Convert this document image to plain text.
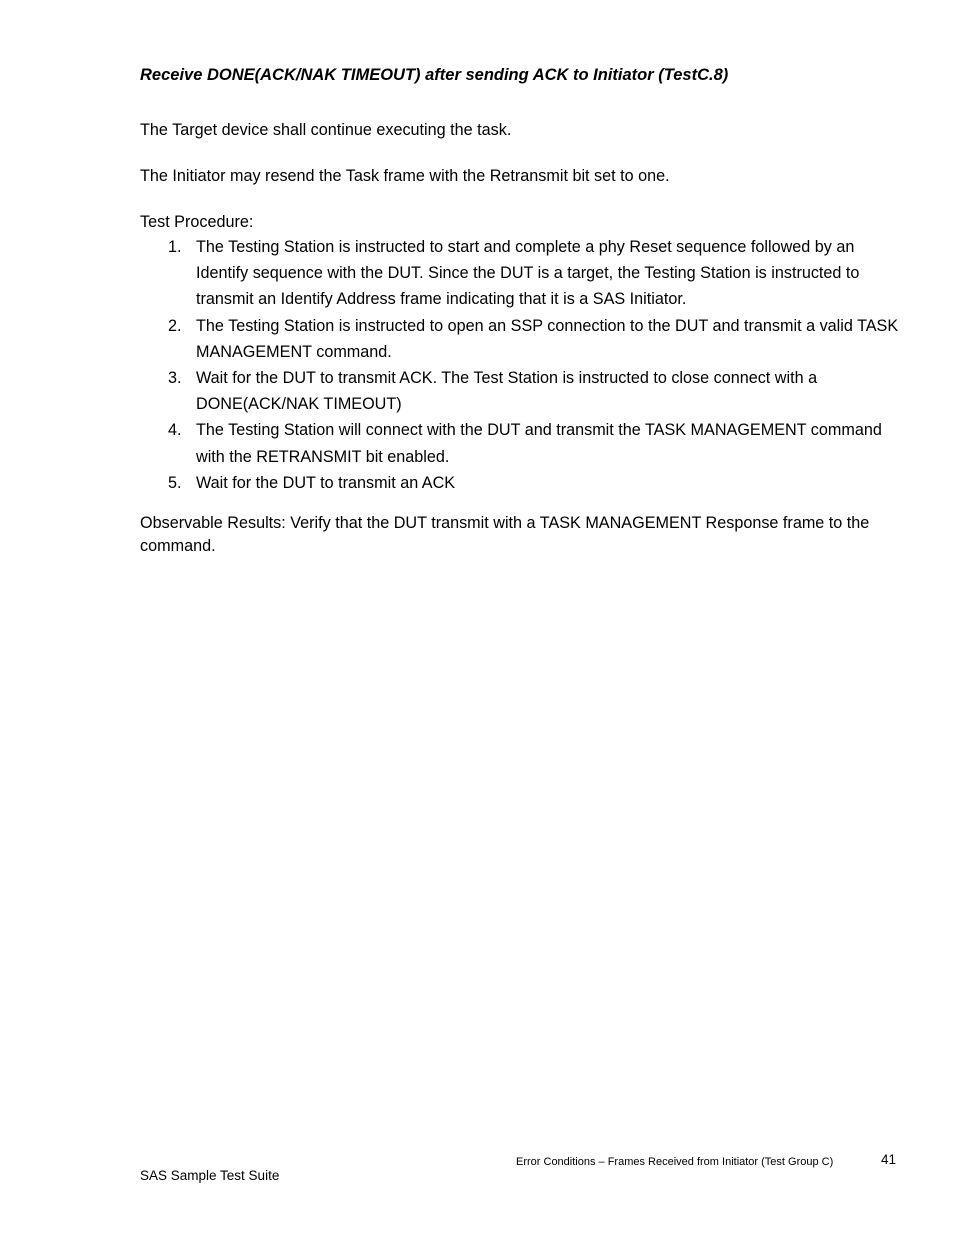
Receive DONE(ACK/NAK TIMEOUT) after sending ACK to Initiator (TestC.8)

The Target device shall continue executing the task.

The Initiator may resend the Task frame with the Retransmit bit set to one.

Test Procedure:

1. The Testing Station is instructed to start and complete a phy Reset sequence followed by an Identify sequence with the DUT. Since the DUT is a target, the Testing Station is instructed to transmit an Identify Address frame indicating that it is a SAS Initiator.
2. The Testing Station is instructed to open an SSP connection to the DUT and transmit a valid TASK MANAGEMENT command.
3. Wait for the DUT to transmit ACK. The Test Station is instructed to close connect with a DONE(ACK/NAK TIMEOUT)
4. The Testing Station will connect with the DUT and transmit the TASK MANAGEMENT command with the RETRANSMIT bit enabled.
5. Wait for the DUT to transmit an ACK

Observable Results: Verify that the DUT transmit with a TASK MANAGEMENT Response frame to the command.

Error Conditions – Frames Received from Initiator (Test Group C)	41
SAS Sample Test Suite
